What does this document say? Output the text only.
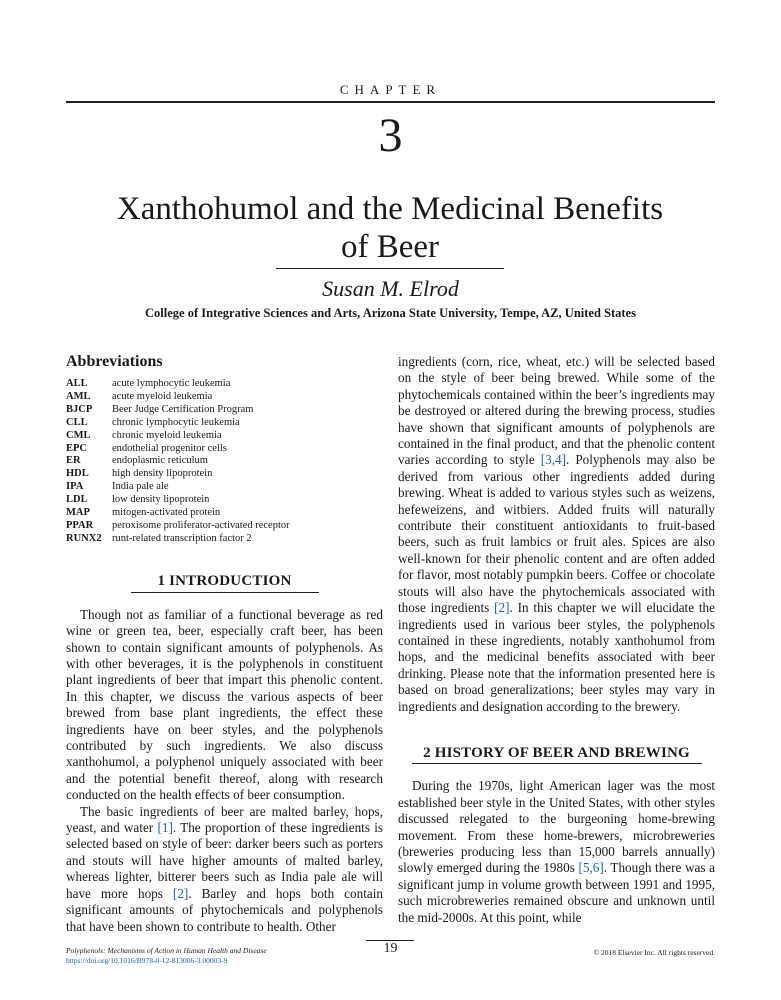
CHAPTER
3
Xanthohumol and the Medicinal Benefits
of Beer
Susan M. Elrod
College of Integrative Sciences and Arts, Arizona State University, Tempe, AZ, United States
Abbreviations
ALL	acute lymphocytic leukemia
AML	acute myeloid leukemia
BJCP	Beer Judge Certification Program
CLL	chronic lymphocytic leukemia
CML	chronic myeloid leukemia
EPC	endothelial progenitor cells
ER	endoplasmic reticulum
HDL	high density lipoprotein
IPA	India pale ale
LDL	low density lipoprotein
MAP	mitogen-activated protein
PPAR	peroxisome proliferator-activated receptor
RUNX2 runt-related transcription factor 2
1 INTRODUCTION

Though not as familiar of a functional beverage as red wine or green tea, beer, especially craft beer, has been shown to contain significant amounts of polyphenols. As with other beverages, it is the polyphenols in constituent plant ingredients of beer that impart this phenolic content. In this chapter, we discuss the various aspects of beer brewed from base plant ingredients, the effect these ingredients have on beer styles, and the polyphenols contributed by such ingredients. We also discuss xanthohumol, a polyphenol uniquely associated with beer and the potential benefit thereof, along with research conducted on the health effects of beer consumption.

The basic ingredients of beer are malted barley, hops, yeast, and water [1]. The proportion of these ingredients is selected based on style of beer: darker beers such as porters and stouts will have higher amounts of malted barley, whereas lighter, bitterer beers such as India pale ale will have more hops [2]. Barley and hops both contain significant amounts of phytochemicals and polyphenols that have been shown to contribute to health. Other

ingredients (corn, rice, wheat, etc.) will be selected based on the style of beer being brewed. While some of the phytochemicals contained within the beer’s ingredients may be destroyed or altered during the brewing process, studies have shown that significant amounts of polyphenols are contained in the final product, and that the phenolic content varies according to style [3,4]. Polyphenols may also be derived from various other ingredients added during brewing. Wheat is added to various styles such as weizens, hefeweizens, and witbiers. Added fruits will naturally contribute their constituent antioxidants to fruit-based beers, such as fruit lambics or fruit ales. Spices are also well-known for their phenolic content and are often added for flavor, most notably pumpkin beers. Coffee or chocolate stouts will also have the phytochemicals associated with those ingredients [2]. In this chapter we will elucidate the ingredients used in various beer styles, the polyphenols contained in these ingredients, notably xanthohumol from hops, and the medicinal benefits associated with beer drinking. Please note that the information presented here is based on broad generalizations; beer styles may vary in ingredients and designation according to the brewery.

2 HISTORY OF BEER AND BREWING

During the 1970s, light American lager was the most established beer style in the United States, with other styles discussed relegated to the burgeoning home-brewing movement. From these home-brewers, microbreweries (breweries producing less than 15,000 barrels annually) slowly emerged during the 1980s [5,6]. Though there was a significant jump in volume growth between 1991 and 1995, such microbreweries remained obscure and unknown until the mid-2000s. At this point, while

Polyphenols: Mechanisms of Action in Human Health and Disease
https://doi.org/10.1016/B978-0-12-813006-3.00003-9
19	© 2018 Elsevier Inc. All rights reserved.
